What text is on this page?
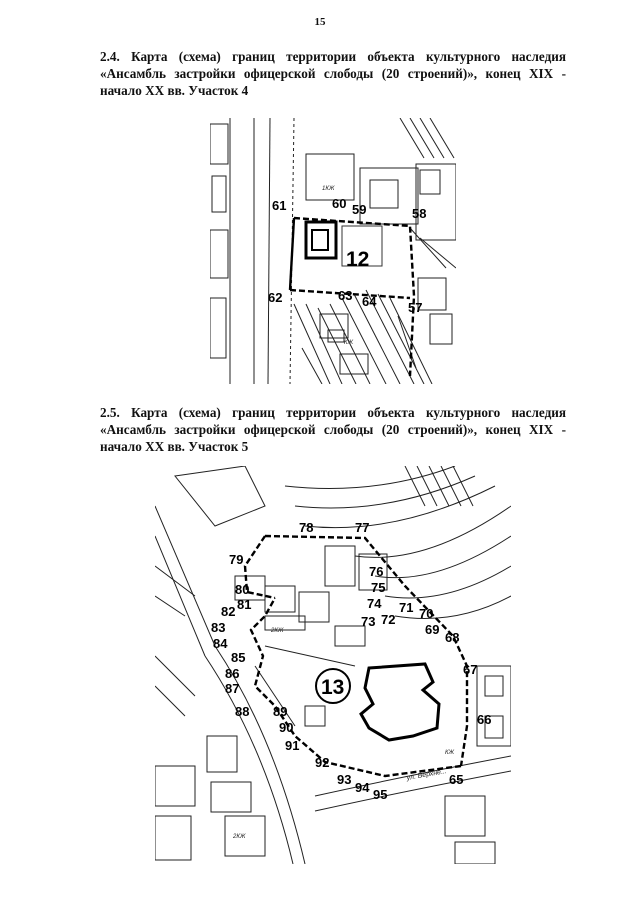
15
2.4. Карта (схема) границ территории объекта культурного наследия «Ансамбль застройки офицерской слободы (20 строений)», конец XIX - начало XX вв. Участок 4
12
61	60 59	58
62	63 64 57
1КЖ
КЖ
2.5. Карта (схема) границ территории объекта культурного наследия «Ансамбль застройки офицерской слободы (20 строений)», конец XIX - начало XX вв. Участок 5
13
78	77
79
76
80	75
81
82
74 71 70
73 72
69
68
83
84
85
86
87
67
88 89
66
90
91
92
93
94 95
65
2КЖ
2КЖ
КЖ
ул. Верхне...
